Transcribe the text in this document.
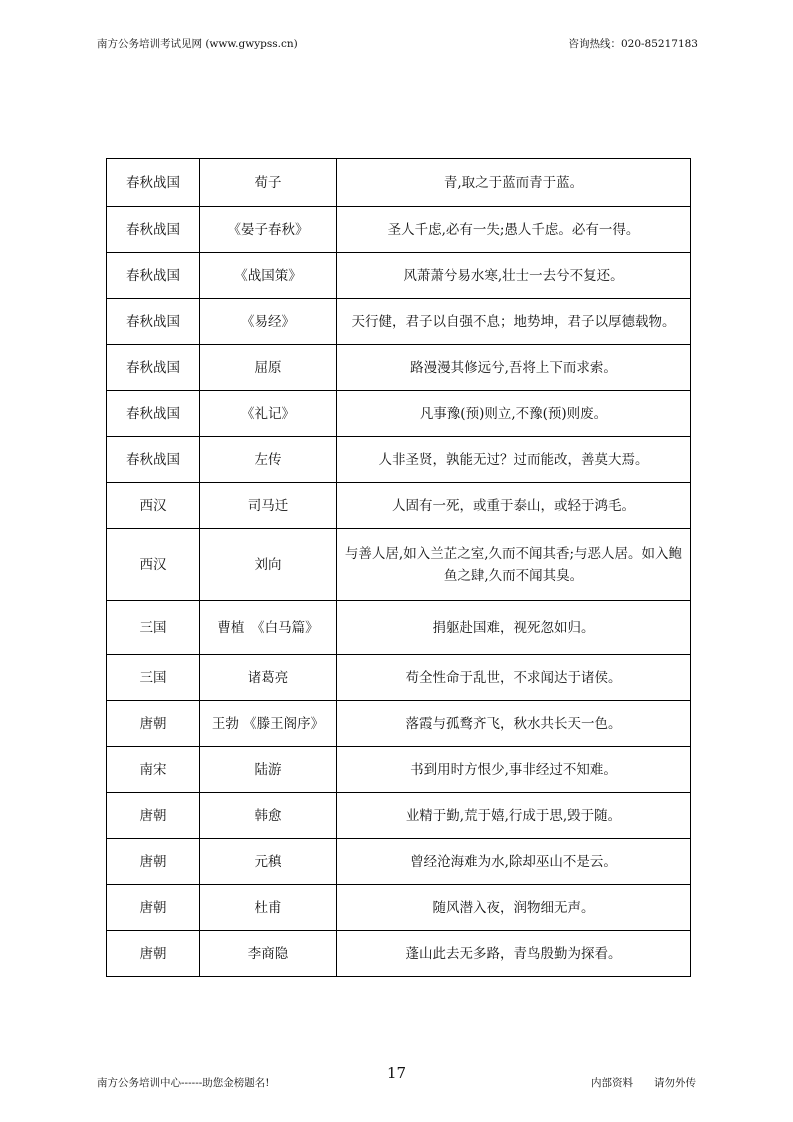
南方公务培训考试见网 (www.gwypss.cn)	咨询热线：020-85217183
春秋战国	荀子	青,取之于蓝而青于蓝。
春秋战国	《晏子春秋》	圣人千虑,必有一失;愚人千虑。必有一得。
春秋战国	《战国策》	风萧萧兮易水寒,壮士一去兮不复还。
春秋战国	《易经》	天行健，君子以自强不息；地势坤，君子以厚德载物。
春秋战国	屈原	路漫漫其修远兮,吾将上下而求索。
春秋战国	《礼记》	凡事豫(预)则立,不豫(预)则废。
春秋战国	左传	人非圣贤，孰能无过？过而能改，善莫大焉。
西汉	司马迁	人固有一死，或重于泰山，或轻于鸿毛。
西汉	刘向	与善人居,如入兰芷之室,久而不闻其香;与恶人居。如入鲍鱼之肆,久而不闻其臭。
三国	曹植　《白马篇》	捐躯赴国难，视死忽如归。
三国	诸葛亮	苟全性命于乱世，不求闻达于诸侯。
唐朝	王勃 《滕王阁序》	落霞与孤鹜齐飞，秋水共长天一色。
南宋	陆游	书到用时方恨少,事非经过不知难。
唐朝	韩愈	业精于勤,荒于嬉,行成于思,毁于随。
唐朝	元稹	曾经沧海难为水,除却巫山不是云。
唐朝	杜甫	随风潜入夜，润物细无声。
唐朝	李商隐	蓬山此去无多路，青鸟殷勤为探看。
南方公务培训中心------助您金榜题名!
17
内部资料　　请勿外传
